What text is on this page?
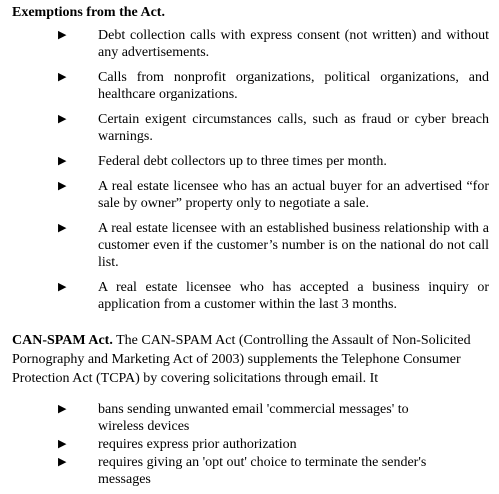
Exemptions from the Act.

▶ Debt collection calls with express consent (not written) and without any advertisements.
▶ Calls from nonprofit organizations, political organizations, and healthcare organizations.
▶ Certain exigent circumstances calls, such as fraud or cyber breach warnings.
▶ Federal debt collectors up to three times per month.
▶ A real estate licensee who has an actual buyer for an advertised “for sale by owner” property only to negotiate a sale.
▶ A real estate licensee with an established business relationship with a customer even if the customer’s number is on the national do not call list.
▶ A real estate licensee who has accepted a business inquiry or application from a customer within the last 3 months.

CAN-SPAM Act. The CAN-SPAM Act (Controlling the Assault of Non-Solicited Pornography and Marketing Act of 2003) supplements the Telephone Consumer Protection Act (TCPA) by covering solicitations through email. It

▶ bans sending unwanted email 'commercial messages' to wireless devices
▶ requires express prior authorization
▶ requires giving an 'opt out' choice to terminate the sender's messages
